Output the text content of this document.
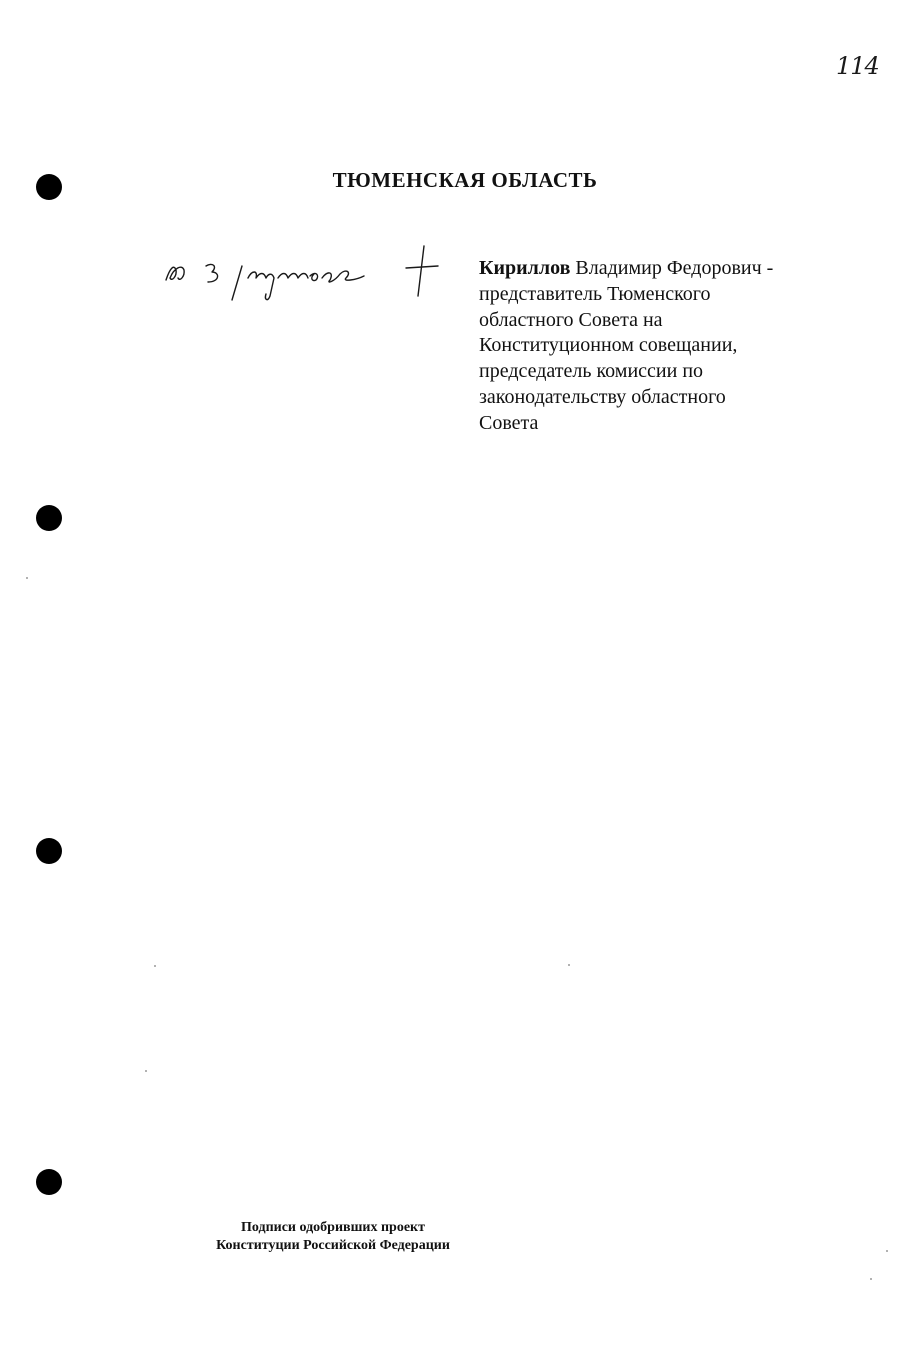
114
ТЮМЕНСКАЯ ОБЛАСТЬ
Кириллов Владимир Федорович -
представитель Тюменского
областного Совета на
Конституционном совещании,
председатель комиссии по
законодательству областного
Совета
Подписи одобривших проект
Конституции Российской Федерации
